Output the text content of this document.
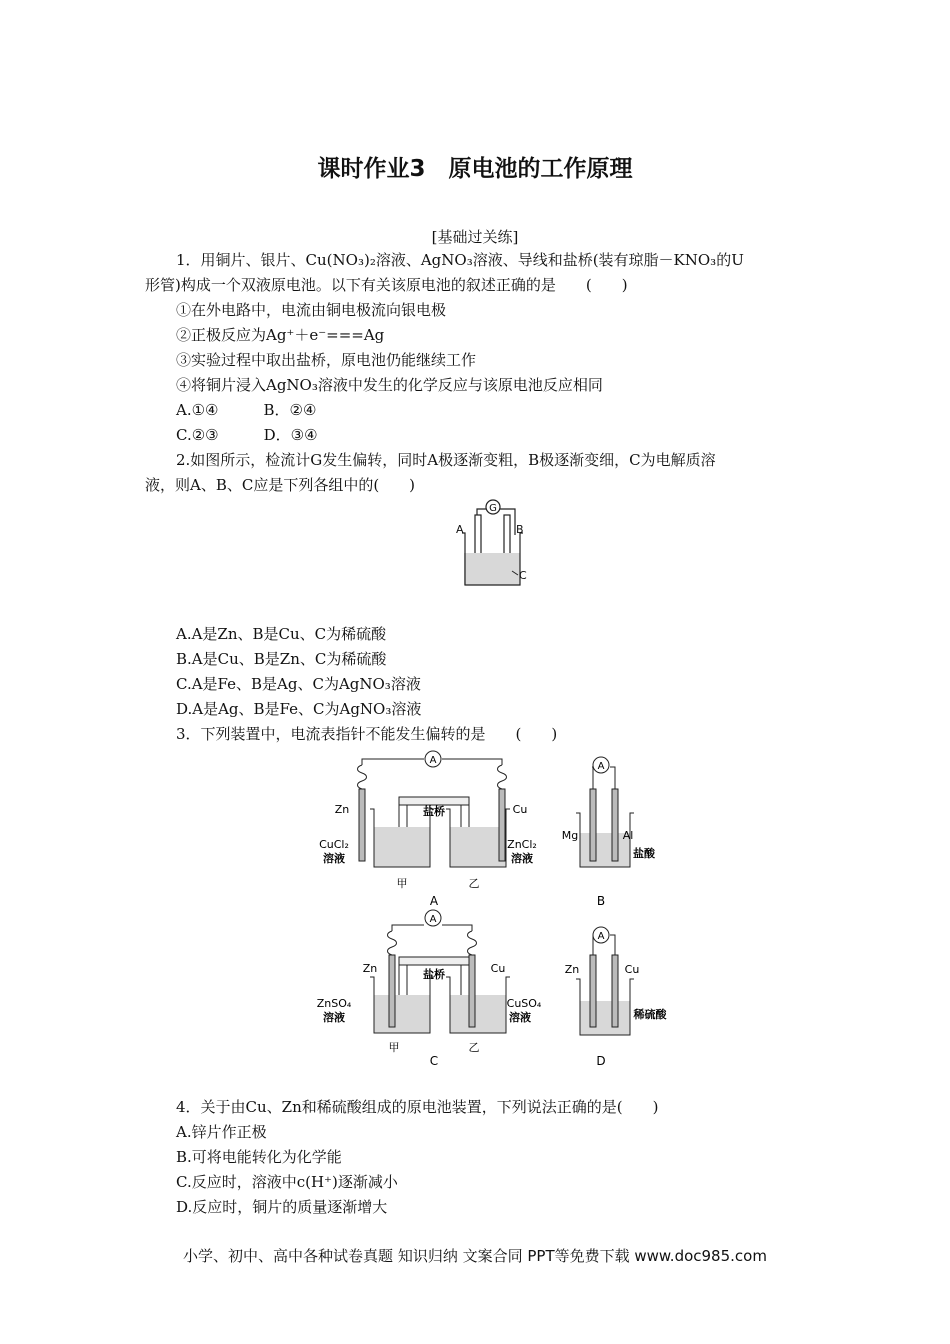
课时作业3　原电池的工作原理
[基础过关练]
1．用铜片、银片、Cu(NO₃)₂溶液、AgNO₃溶液、导线和盐桥(装有琼脂－KNO₃的U
形管)构成一个双液原电池。以下有关该原电池的叙述正确的是　　(　　)
①在外电路中，电流由铜电极流向银电极
②正极反应为Ag⁺＋e⁻===Ag
③实验过程中取出盐桥，原电池仍能继续工作
④将铜片浸入AgNO₃溶液中发生的化学反应与该原电池反应相同
A.①④　　　B．②④
C.②③　　　D．③④
2.如图所示，检流计G发生偏转，同时A极逐渐变粗，B极逐渐变细，C为电解质溶
液，则A、B、C应是下列各组中的(　　)
G
A	B
C
A.A是Zn、B是Cu、C为稀硫酸
B.A是Cu、B是Zn、C为稀硫酸
C.A是Fe、B是Ag、C为AgNO₃溶液
D.A是Ag、B是Fe、C为AgNO₃溶液
3．下列装置中，电流表指针不能发生偏转的是　　(　　)
A
盐桥
Zn	Cu
CuCl₂
溶液
ZnCl₂
溶液
甲	乙
A
A
Mg	Al
盐酸
B
A
盐桥
Zn	Cu
ZnSO₄
溶液
CuSO₄
溶液
甲	乙
C
A
Zn	Cu
稀硫酸
D
4．关于由Cu、Zn和稀硫酸组成的原电池装置，下列说法正确的是(　　)
A.锌片作正极
B.可将电能转化为化学能
C.反应时，溶液中c(H⁺)逐渐减小
D.反应时，铜片的质量逐渐增大
小学、初中、高中各种试卷真题 知识归纳 文案合同 PPT等免费下载 www.doc985.com
